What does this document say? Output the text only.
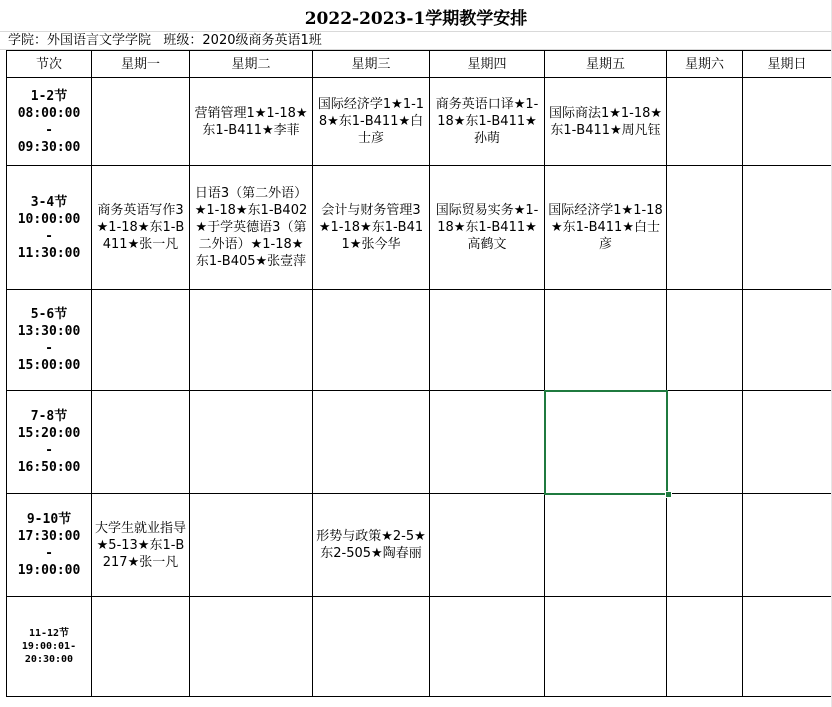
2022-2023-1学期教学安排
学院：外国语言文学学院   班级：2020级商务英语1班
节次	星期一	星期二	星期三	星期四	星期五	星期六	星期日
1-2节
08:00:00
-
09:30:00		营销管理1★1-18★东1-B411★李菲	国际经济学1★1-18★东1-B411★白士彦	商务英语口译★1-18★东1-B411★孙萌	国际商法1★1-18★东1-B411★周凡钰		
3-4节
10:00:00
-
11:30:00	商务英语写作3★1-18★东1-B411★张一凡	日语3（第二外语）★1-18★东1-B402★于学英德语3（第二外语）★1-18★东1-B405★张壹萍	会计与财务管理3★1-18★东1-B411★张今华	国际贸易实务★1-18★东1-B411★高鹤文	国际经济学1★1-18★东1-B411★白士彦		
5-6节
13:30:00
-
15:00:00							
7-8节
15:20:00
-
16:50:00							
9-10节
17:30:00
-
19:00:00	大学生就业指导★5-13★东1-B217★张一凡		形势与政策★2-5★东2-505★陶春丽				
11-12节
19:00:01-
20:30:00							
